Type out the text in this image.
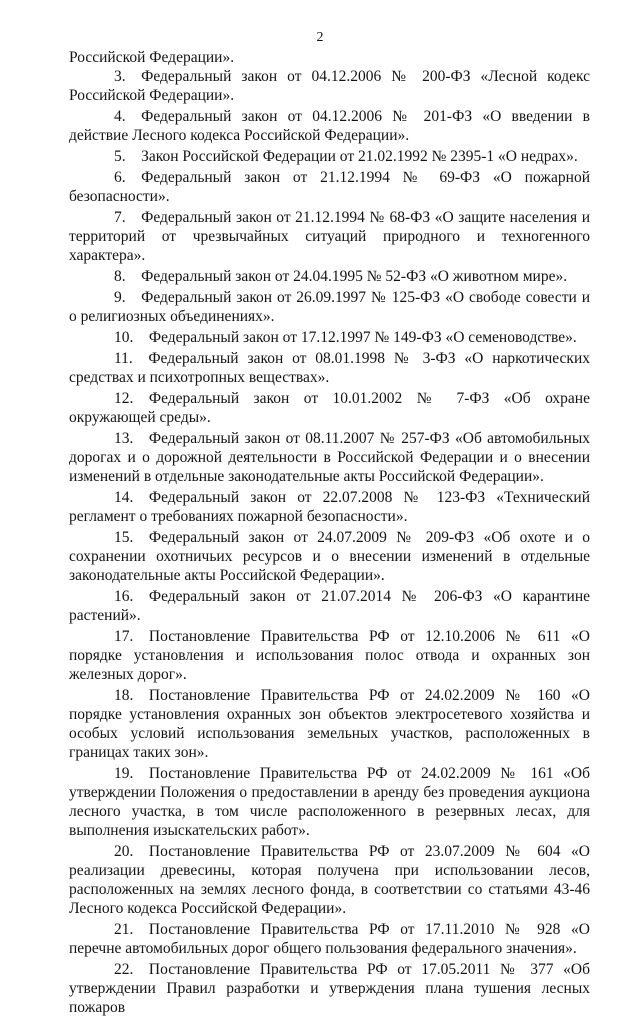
2

Российской Федерации».

3.  Федеральный закон от 04.12.2006 № 200-ФЗ «Лесной кодекс Российской Федерации».

4.  Федеральный закон от 04.12.2006 № 201-ФЗ «О введении в действие Лесного кодекса Российской Федерации».

5.  Закон Российской Федерации от 21.02.1992 № 2395-1 «О недрах».

6.  Федеральный закон от 21.12.1994 № 69-ФЗ «О пожарной безопасности».

7.  Федеральный закон от 21.12.1994 № 68-ФЗ «О защите населения и территорий от чрезвычайных ситуаций природного и техногенного характера».

8.  Федеральный закон от 24.04.1995 № 52-ФЗ «О животном мире».

9.  Федеральный закон от 26.09.1997 № 125-ФЗ «О свободе совести и о религиозных объединениях».

10.  Федеральный закон от 17.12.1997 № 149-ФЗ «О семеноводстве».

11.  Федеральный закон от 08.01.1998 № 3-ФЗ «О наркотических средствах и психотропных веществах».

12.  Федеральный закон от 10.01.2002 № 7-ФЗ «Об охране окружающей среды».

13.  Федеральный закон от 08.11.2007 № 257-ФЗ «Об автомобильных дорогах и о дорожной деятельности в Российской Федерации и о внесении изменений в отдельные законодательные акты Российской Федерации».

14.  Федеральный закон от 22.07.2008 № 123-ФЗ «Технический регламент о требованиях пожарной безопасности».

15.  Федеральный закон от 24.07.2009 № 209-ФЗ «Об охоте и о сохранении охотничьих ресурсов и о внесении изменений в отдельные законодательные акты Российской Федерации».

16.  Федеральный закон от 21.07.2014 № 206-ФЗ «О карантине растений».

17.  Постановление Правительства РФ от 12.10.2006 № 611 «О порядке установления и использования полос отвода и охранных зон железных дорог».

18.  Постановление Правительства РФ от 24.02.2009 № 160 «О порядке установления охранных зон объектов электросетевого хозяйства и особых условий использования земельных участков, расположенных в границах таких зон».

19.  Постановление Правительства РФ от 24.02.2009 № 161 «Об утверждении Положения о предоставлении в аренду без проведения аукциона лесного участка, в том числе расположенного в резервных лесах, для выполнения изыскательских работ».

20.  Постановление Правительства РФ от 23.07.2009 № 604 «О реализации древесины, которая получена при использовании лесов, расположенных на землях лесного фонда, в соответствии со статьями 43-46 Лесного кодекса Российской Федерации».

21.  Постановление Правительства РФ от 17.11.2010 № 928 «О перечне автомобильных дорог общего пользования федерального значения».

22.  Постановление Правительства РФ от 17.05.2011 № 377 «Об утверждении Правил разработки и утверждения плана тушения лесных пожаров
